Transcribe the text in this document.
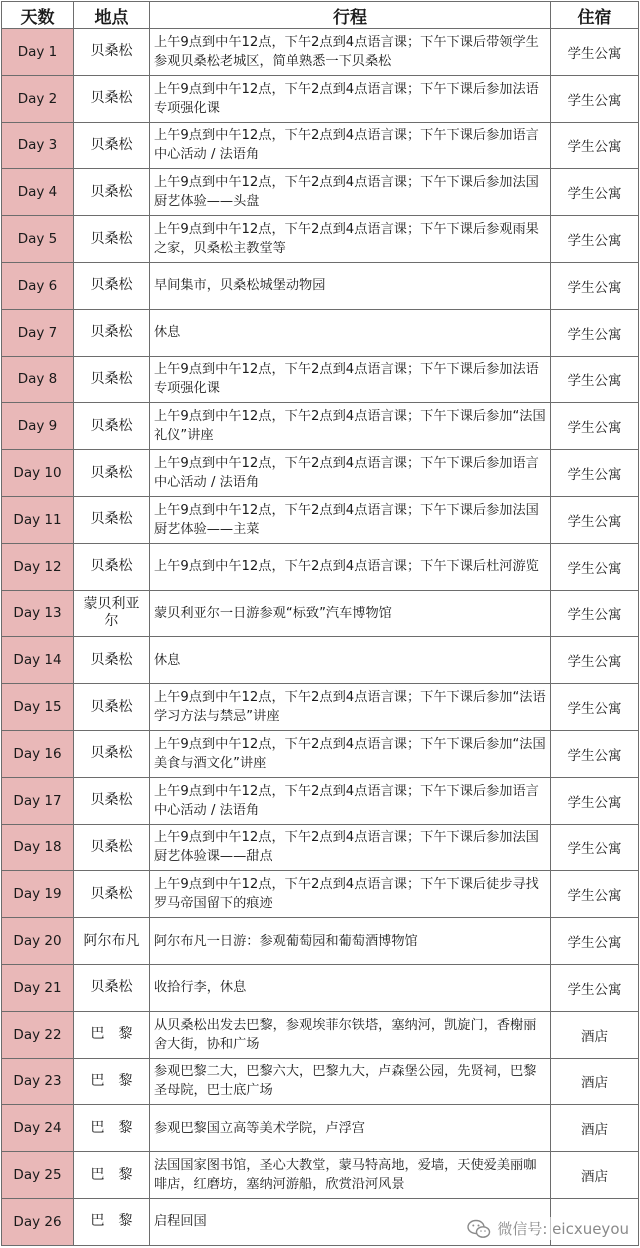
天数	地点	行程	住宿
Day 1	贝桑松	上午9点到中午12点，下午2点到4点语言课；下午下课后带领学生参观贝桑松老城区，简单熟悉一下贝桑松	学生公寓
Day 2	贝桑松	上午9点到中午12点，下午2点到4点语言课；下午下课后参加法语专项强化课	学生公寓
Day 3	贝桑松	上午9点到中午12点，下午2点到4点语言课；下午下课后参加语言中心活动 / 法语角	学生公寓
Day 4	贝桑松	上午9点到中午12点，下午2点到4点语言课；下午下课后参加法国厨艺体验——头盘	学生公寓
Day 5	贝桑松	上午9点到中午12点，下午2点到4点语言课；下午下课后参观雨果之家，贝桑松主教堂等	学生公寓
Day 6	贝桑松	早间集市，贝桑松城堡动物园	学生公寓
Day 7	贝桑松	休息	学生公寓
Day 8	贝桑松	上午9点到中午12点，下午2点到4点语言课；下午下课后参加法语专项强化课	学生公寓
Day 9	贝桑松	上午9点到中午12点，下午2点到4点语言课；下午下课后参加“法国礼仪”讲座	学生公寓
Day 10	贝桑松	上午9点到中午12点，下午2点到4点语言课；下午下课后参加语言中心活动 / 法语角	学生公寓
Day 11	贝桑松	上午9点到中午12点，下午2点到4点语言课；下午下课后参加法国厨艺体验——主菜	学生公寓
Day 12	贝桑松	上午9点到中午12点，下午2点到4点语言课；下午下课后杜河游览	学生公寓
Day 13	蒙贝利亚尔	蒙贝利亚尔一日游参观“标致”汽车博物馆	学生公寓
Day 14	贝桑松	休息	学生公寓
Day 15	贝桑松	上午9点到中午12点，下午2点到4点语言课；下午下课后参加“法语学习方法与禁忌”讲座	学生公寓
Day 16	贝桑松	上午9点到中午12点，下午2点到4点语言课；下午下课后参加“法国美食与酒文化”讲座	学生公寓
Day 17	贝桑松	上午9点到中午12点，下午2点到4点语言课；下午下课后参加语言中心活动 / 法语角	学生公寓
Day 18	贝桑松	上午9点到中午12点，下午2点到4点语言课；下午下课后参加法国厨艺体验课——甜点	学生公寓
Day 19	贝桑松	上午9点到中午12点，下午2点到4点语言课；下午下课后徒步寻找罗马帝国留下的痕迹	学生公寓
Day 20	阿尔布凡	阿尔布凡一日游：参观葡萄园和葡萄酒博物馆	学生公寓
Day 21	贝桑松	收拾行李，休息	学生公寓
Day 22	巴　黎	从贝桑松出发去巴黎，参观埃菲尔铁塔，塞纳河，凯旋门，香榭丽舍大街，协和广场	酒店
Day 23	巴　黎	参观巴黎二大，巴黎六大，巴黎九大，卢森堡公园，先贤祠，巴黎圣母院，巴士底广场	酒店
Day 24	巴　黎	参观巴黎国立高等美术学院，卢浮宫	酒店
Day 25	巴　黎	法国国家图书馆，圣心大教堂，蒙马特高地，爱墙，天使爱美丽咖啡店，红磨坊，塞纳河游船，欣赏沿河风景	酒店
Day 26	巴　黎	启程回国		微信号: eicxueyou
